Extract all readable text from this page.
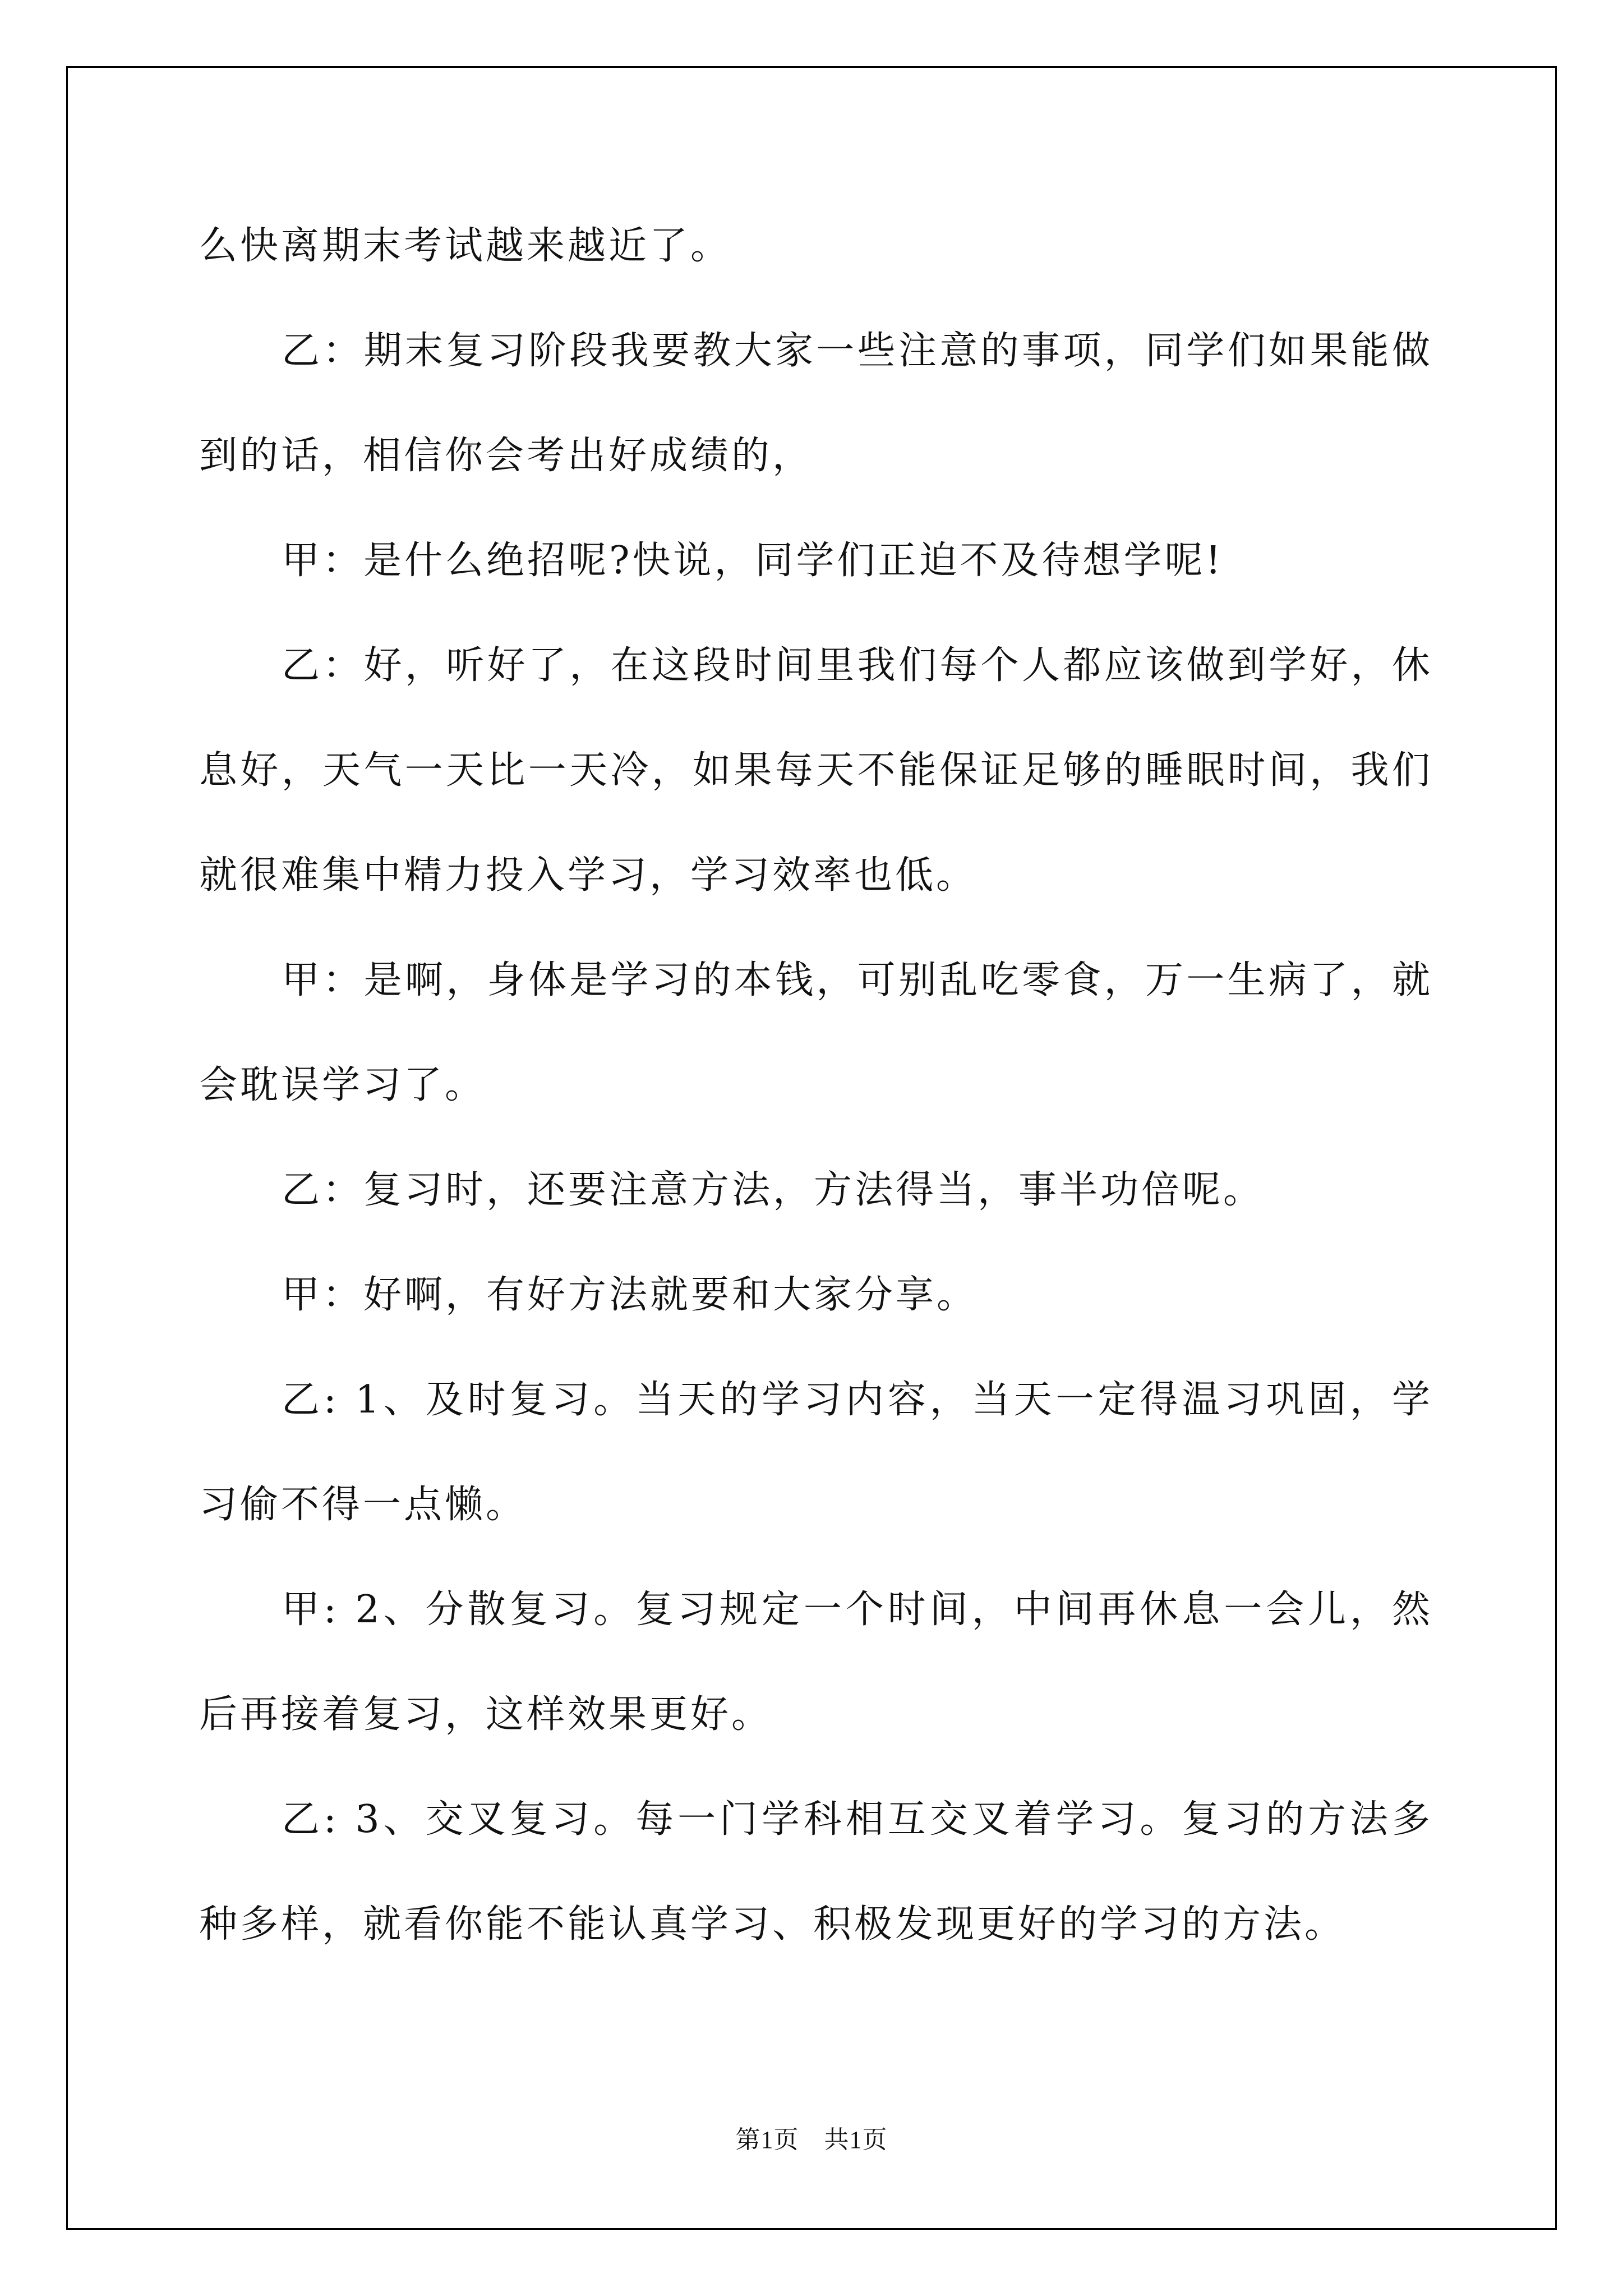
么快离期末考试越来越近了。

乙：期末复习阶段我要教大家一些注意的事项，同学们如果能做到的话，相信你会考出好成绩的，

甲：是什么绝招呢?快说，同学们正迫不及待想学呢!

乙：好，听好了，在这段时间里我们每个人都应该做到学好，休息好，天气一天比一天冷，如果每天不能保证足够的睡眠时间，我们就很难集中精力投入学习，学习效率也低。

甲：是啊，身体是学习的本钱，可别乱吃零食，万一生病了，就会耽误学习了。

乙：复习时，还要注意方法，方法得当，事半功倍呢。

甲：好啊，有好方法就要和大家分享。

乙: 1、及时复习。当天的学习内容，当天一定得温习巩固，学习偷不得一点懒。

甲: 2、分散复习。复习规定一个时间，中间再休息一会儿，然后再接着复习，这样效果更好。

乙: 3、交叉复习。每一门学科相互交叉着学习。复习的方法多种多样，就看你能不能认真学习、积极发现更好的学习的方法。

第1页　共1页
